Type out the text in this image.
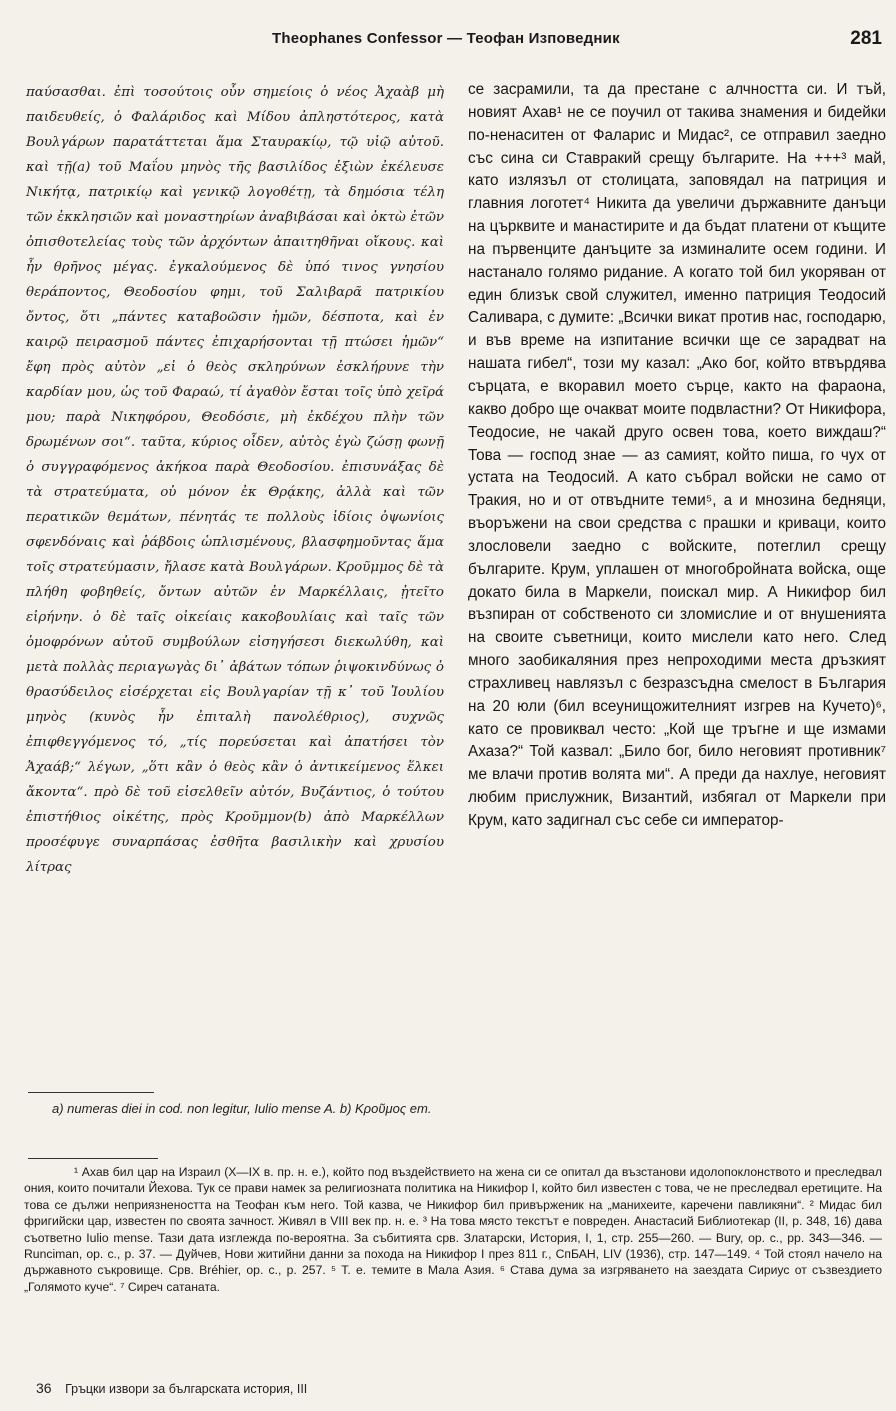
Theophanes Confessor — Теофан Изповедник	281

παύσασθαι. ἐπὶ τοσούτοις οὖν σημείοις ὁ νέος Ἀχαὰβ μὴ παιδευθείς, ὁ Φαλάριδος καὶ Μίδου ἀπληστότερος, κατὰ Βουλγάρων παρατάττεται ἅμα Σταυρακίῳ, τῷ υἱῷ αὐτοῦ. καὶ τῇ(a) τοῦ Μαΐου μηνὸς τῆς βασιλίδος ἐξιὼν ἐκέλευσε Νικήτᾳ, πατρικίῳ καὶ γενικῷ λογοθέτῃ, τὰ δημόσια τέλη τῶν ἐκκλησιῶν καὶ μοναστηρίων ἀναβιβάσαι καὶ ὀκτὼ ἐτῶν ὀπισθοτελείας τοὺς τῶν ἀρχόντων ἀπαιτηθῆναι οἴκους. καὶ ἦν θρῆνος μέγας. ἐγκαλούμενος δὲ ὑπό τινος γνησίου θεράποντος, Θεοδοσίου φημι, τοῦ Σαλιβαρᾶ πατρικίου ὄντος, ὅτι „πάντες καταβοῶσιν ἡμῶν, δέσποτα, καὶ ἐν καιρῷ πειρασμοῦ πάντες ἐπιχαρήσονται τῇ πτώσει ἡμῶν“ ἔφη πρὸς αὐτὸν „εἰ ὁ θεὸς σκληρύνων ἐσκλήρυνε τὴν καρδίαν μου, ὡς τοῦ Φαραώ, τί ἀγαθὸν ἔσται τοῖς ὑπὸ χεῖρά μου; παρὰ Νικηφόρου, Θεοδόσιε, μὴ ἐκδέχου πλὴν τῶν δρωμένων σοι“. ταῦτα, κύριος οἶδεν, αὐτὸς ἐγὼ ζώσῃ φωνῇ ὁ συγγραφόμενος ἀκήκοα παρὰ Θεοδοσίου. ἐπισυνάξας δὲ τὰ στρατεύματα, οὐ μόνον ἐκ Θρᾴκης, ἀλλὰ καὶ τῶν περατικῶν θεμάτων, πένητάς τε πολλοὺς ἰδίοις ὀψωνίοις σφενδόναις καὶ ῥάβδοις ὡπλισμένους, βλασφημοῦντας ἅμα τοῖς στρατεύμασιν, ἤλασε κατὰ Βουλγάρων. Κροῦμμος δὲ τὰ πλήθη φοβηθείς, ὄντων αὐτῶν ἐν Μαρκέλλαις, ᾐτεῖτο εἰρήνην. ὁ δὲ ταῖς οἰκείαις κακοβουλίαις καὶ ταῖς τῶν ὁμοφρόνων αὐτοῦ συμβούλων εἰσηγήσεσι διεκωλύθη, καὶ μετὰ πολλὰς περιαγωγὰς δι᾽ ἀβάτων τόπων ῥιψοκινδύνως ὁ θρασύδειλος εἰσέρχεται εἰς Βουλγαρίαν τῇ κ᾽ τοῦ Ἰουλίου μηνὸς (κυνὸς ἦν ἐπιταλὴ πανολέθριος), συχνῶς ἐπιφθεγγόμενος τό, „τίς πορεύσεται καὶ ἀπατήσει τὸν Ἀχαάβ;“ λέγων, „ὅτι κἂν ὁ θεὸς κἂν ὁ ἀντικείμενος ἕλκει ἄκοντα“. πρὸ δὲ τοῦ εἰσελθεῖν αὐτόν, Βυζάντιος, ὁ τούτου ἐπιστήθιος οἰκέτης, πρὸς Κροῦμμον(b) ἀπὸ Μαρκέλλων προσέφυγε συναρπάσας ἐσθῆτα βασιλικὴν καὶ χρυσίου λίτρας

се засрамили, та да престане с алчността си. И тъй, новият Ахав¹ не се поучил от такива знамения и бидейки по-ненаситен от Фаларис и Мидас², се отправил заедно със сина си Ставракий срещу българите. На +++³ май, като излязъл от столицата, заповядал на патриция и главния логотет⁴ Никита да увеличи държавните данъци на църквите и манастирите и да бъдат платени от къщите на първенците данъците за изминалите осем години. И настанало голямо ридание. А когато той бил укоряван от един близък свой служител, именно патриция Теодосий Саливара, с думите: „Всички викат против нас, господарю, и във време на изпитание всички ще се зарадват на нашата гибел“, този му казал: „Ако бог, който втвърдява сърцата, е вкоравил моето сърце, както на фараона, какво добро ще очакват моите подвластни? От Никифора, Теодосие, не чакай друго освен това, което виждаш?“ Това — господ знае — аз самият, който пиша, го чух от устата на Теодосий. А като събрал войски не само от Тракия, но и от отвъдните теми⁵, а и мнозина бедняци, въоръжени на свои средства с прашки и криваци, които злословели заедно с войските, потеглил срещу българите. Крум, уплашен от многобройната войска, още докато била в Маркели, поискал мир. А Никифор бил възпиран от собственото си зломислие и от внушенията на своите съветници, които мислели като него. След много заобикаляния през непроходими места дръзкият страхливец навлязъл с безразсъдна смелост в България на 20 юли (бил всеунищожителният изгрев на Кучето)⁶, като се провиквал често: „Кой ще тръгне и ще измами Ахаза?“ Той казвал: „Било бог, било неговият противник⁷ ме влачи против волята ми“. А преди да нахлуе, неговият любим прислужник, Византий, избягал от Маркели при Крум, като задигнал със себе си император-

a) numeras diei in cod. non legitur, Iulio mense A. b) Κροῦμος em.

¹ Ахав бил цар на Израил (X—IX в. пр. н. е.), който под въздействието на жена си се опитал да възстанови идолопоклонството и преследвал ония, които почитали Йехова. Тук се прави намек за религиозната политика на Никифор I, който бил известен с това, че не преследвал еретиците. На това се дължи неприязнеността на Теофан към него. Той казва, че Никифор бил привърженик на „манихеите, каречени павликяни“. ² Мидас бил фригийски цар, известен по своята зачност. Живял в VIII век пр. н. е. ³ На това място текстът е повреден. Анастасий Библиотекар (II, р. 348, 16) дава съответно Iulio mense. Тази дата изглежда по-вероятна. За събитията срв. Златарски, История, I, 1, стр. 255—260. — Bury, op. c., pp. 343—346. — Runciman, op. c., p. 37. — Дуйчев, Нови житийни данни за похода на Никифор I през 811 г., СпБАН, LIV (1936), стр. 147—149. ⁴ Той стоял начело на държавното съкровище. Срв. Bréhier, op. c., p. 257. ⁵ Т. е. темите в Мала Азия. ⁶ Става дума за изгряването на заездата Сириус от съзвездието „Голямото куче“. ⁷ Сиреч сатаната.

36 Гръцки извори за българската история, III
